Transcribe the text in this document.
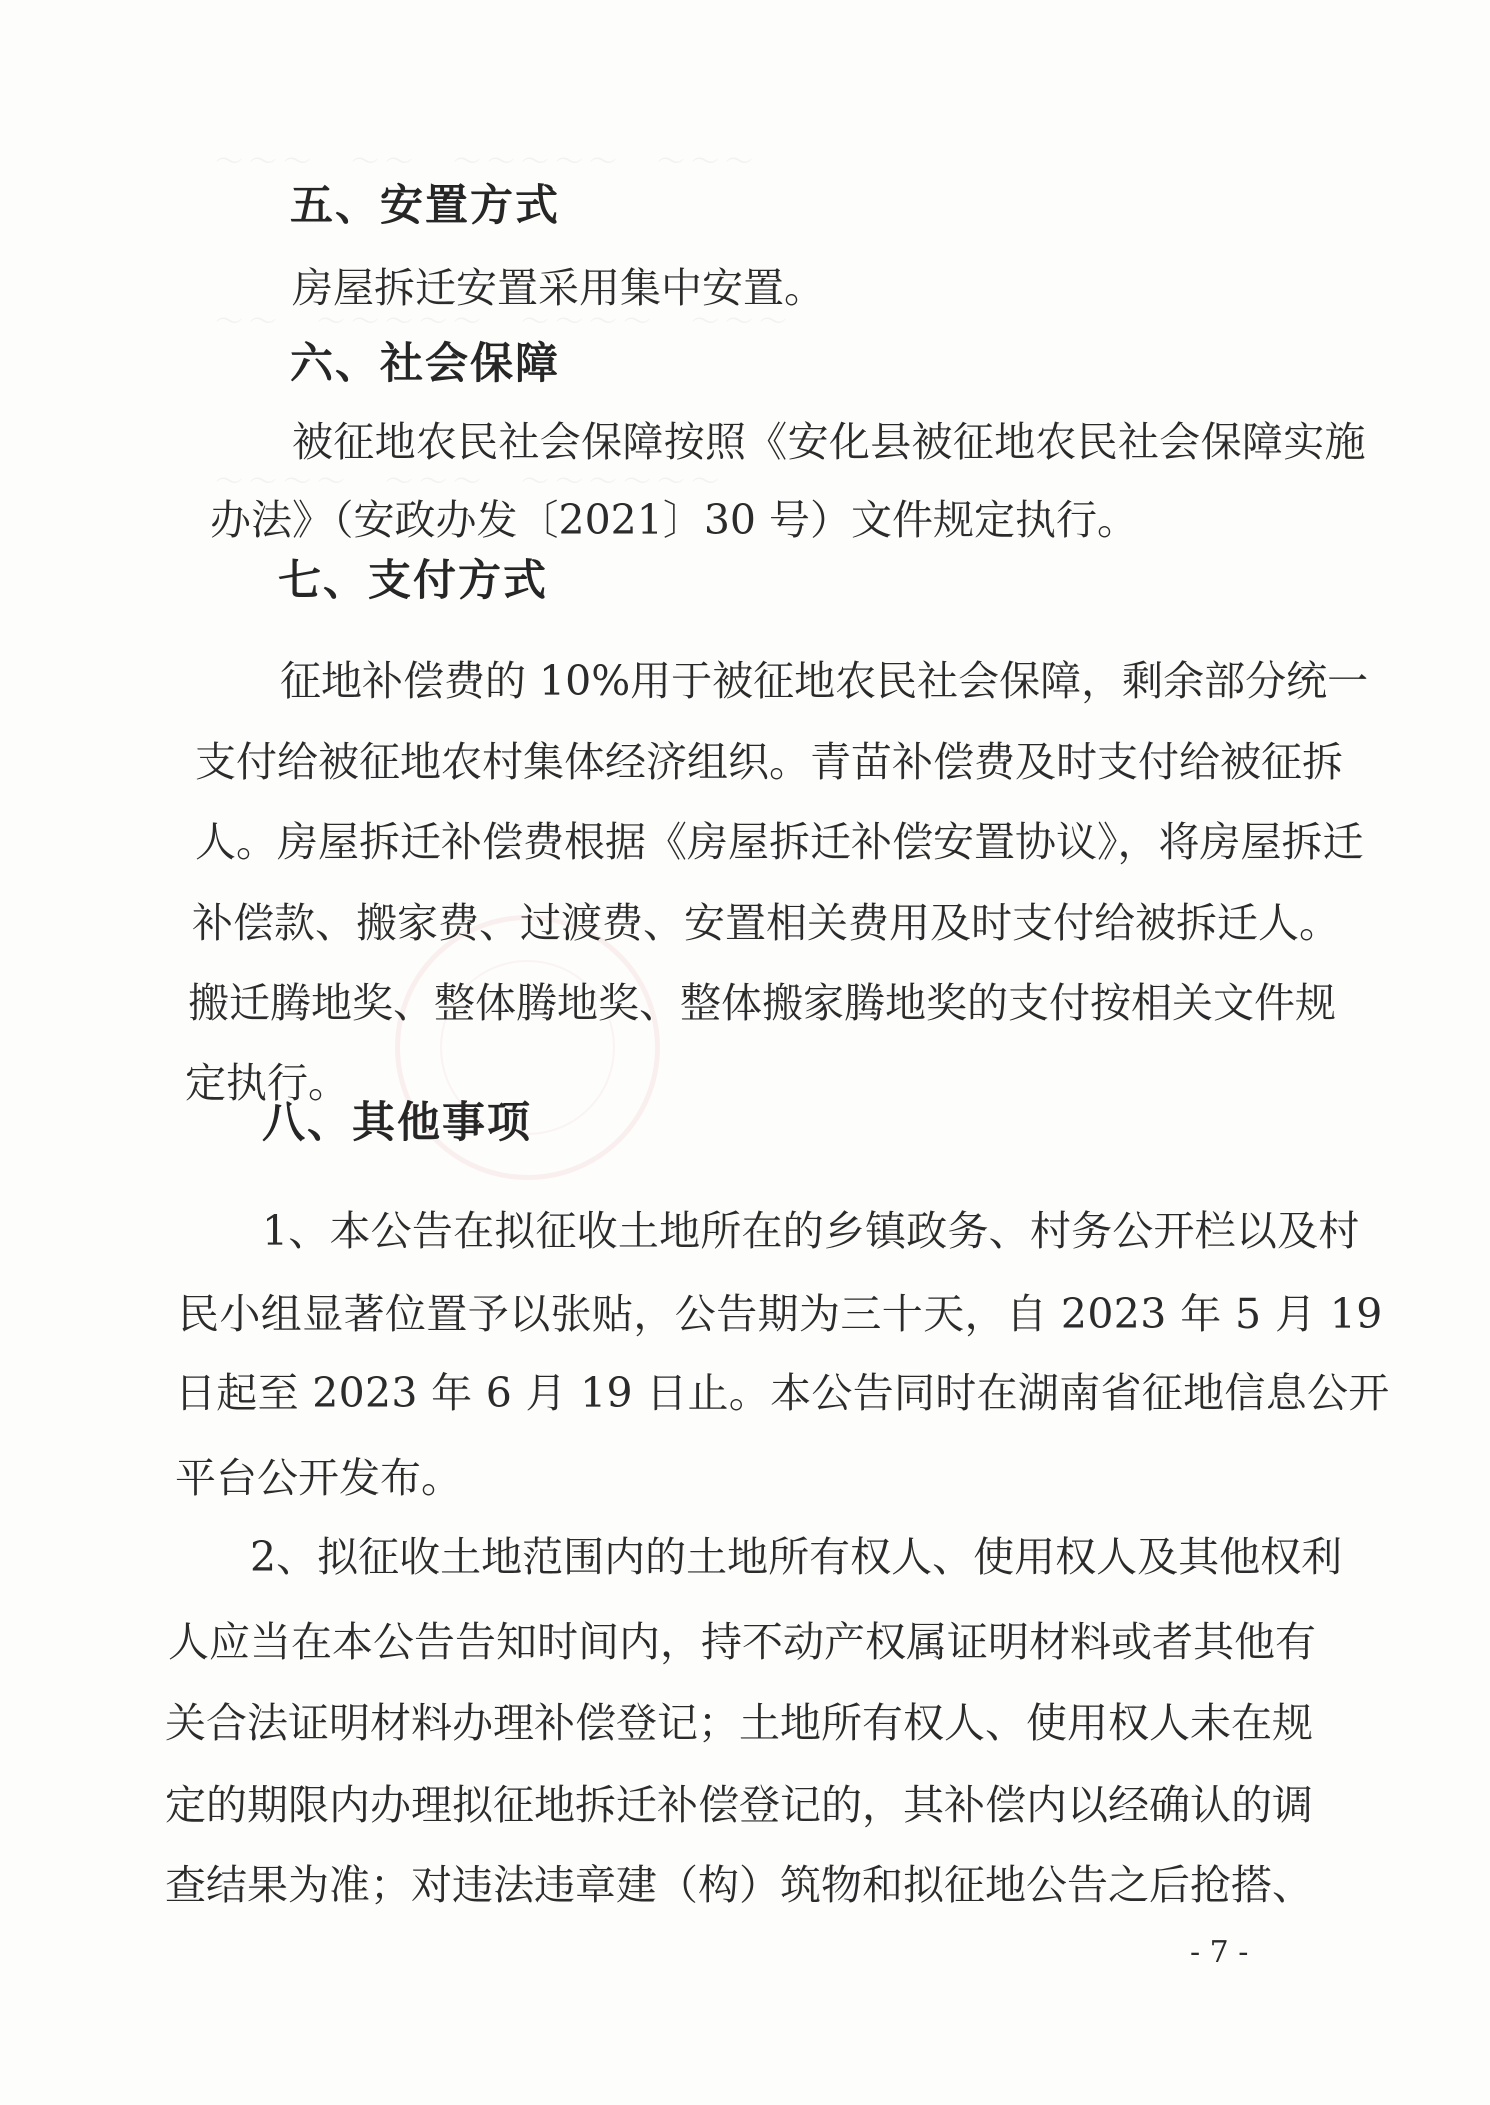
～～～　～～　～～～～～　～～～
～～　～～～～～　～～～～　～～～
～～～～　～～～　～～～～～～
五、安置方式
房屋拆迁安置采用集中安置。
六、社会保障
被征地农民社会保障按照《安化县被征地农民社会保障实施
办法》（安政办发〔2021〕30 号）文件规定执行。
七、支付方式
征地补偿费的 10%用于被征地农民社会保障，剩余部分统一
支付给被征地农村集体经济组织。青苗补偿费及时支付给被征拆
人。房屋拆迁补偿费根据《房屋拆迁补偿安置协议》，将房屋拆迁
补偿款、搬家费、过渡费、安置相关费用及时支付给被拆迁人。
搬迁腾地奖、整体腾地奖、整体搬家腾地奖的支付按相关文件规
定执行。
八、其他事项
1、本公告在拟征收土地所在的乡镇政务、村务公开栏以及村
民小组显著位置予以张贴，公告期为三十天，自 2023 年 5 月 19
日起至 2023 年 6 月 19 日止。本公告同时在湖南省征地信息公开
平台公开发布。
2、拟征收土地范围内的土地所有权人、使用权人及其他权利
人应当在本公告告知时间内，持不动产权属证明材料或者其他有
关合法证明材料办理补偿登记；土地所有权人、使用权人未在规
定的期限内办理拟征地拆迁补偿登记的，其补偿内以经确认的调
查结果为准；对违法违章建（构）筑物和拟征地公告之后抢搭、
- 7 -
